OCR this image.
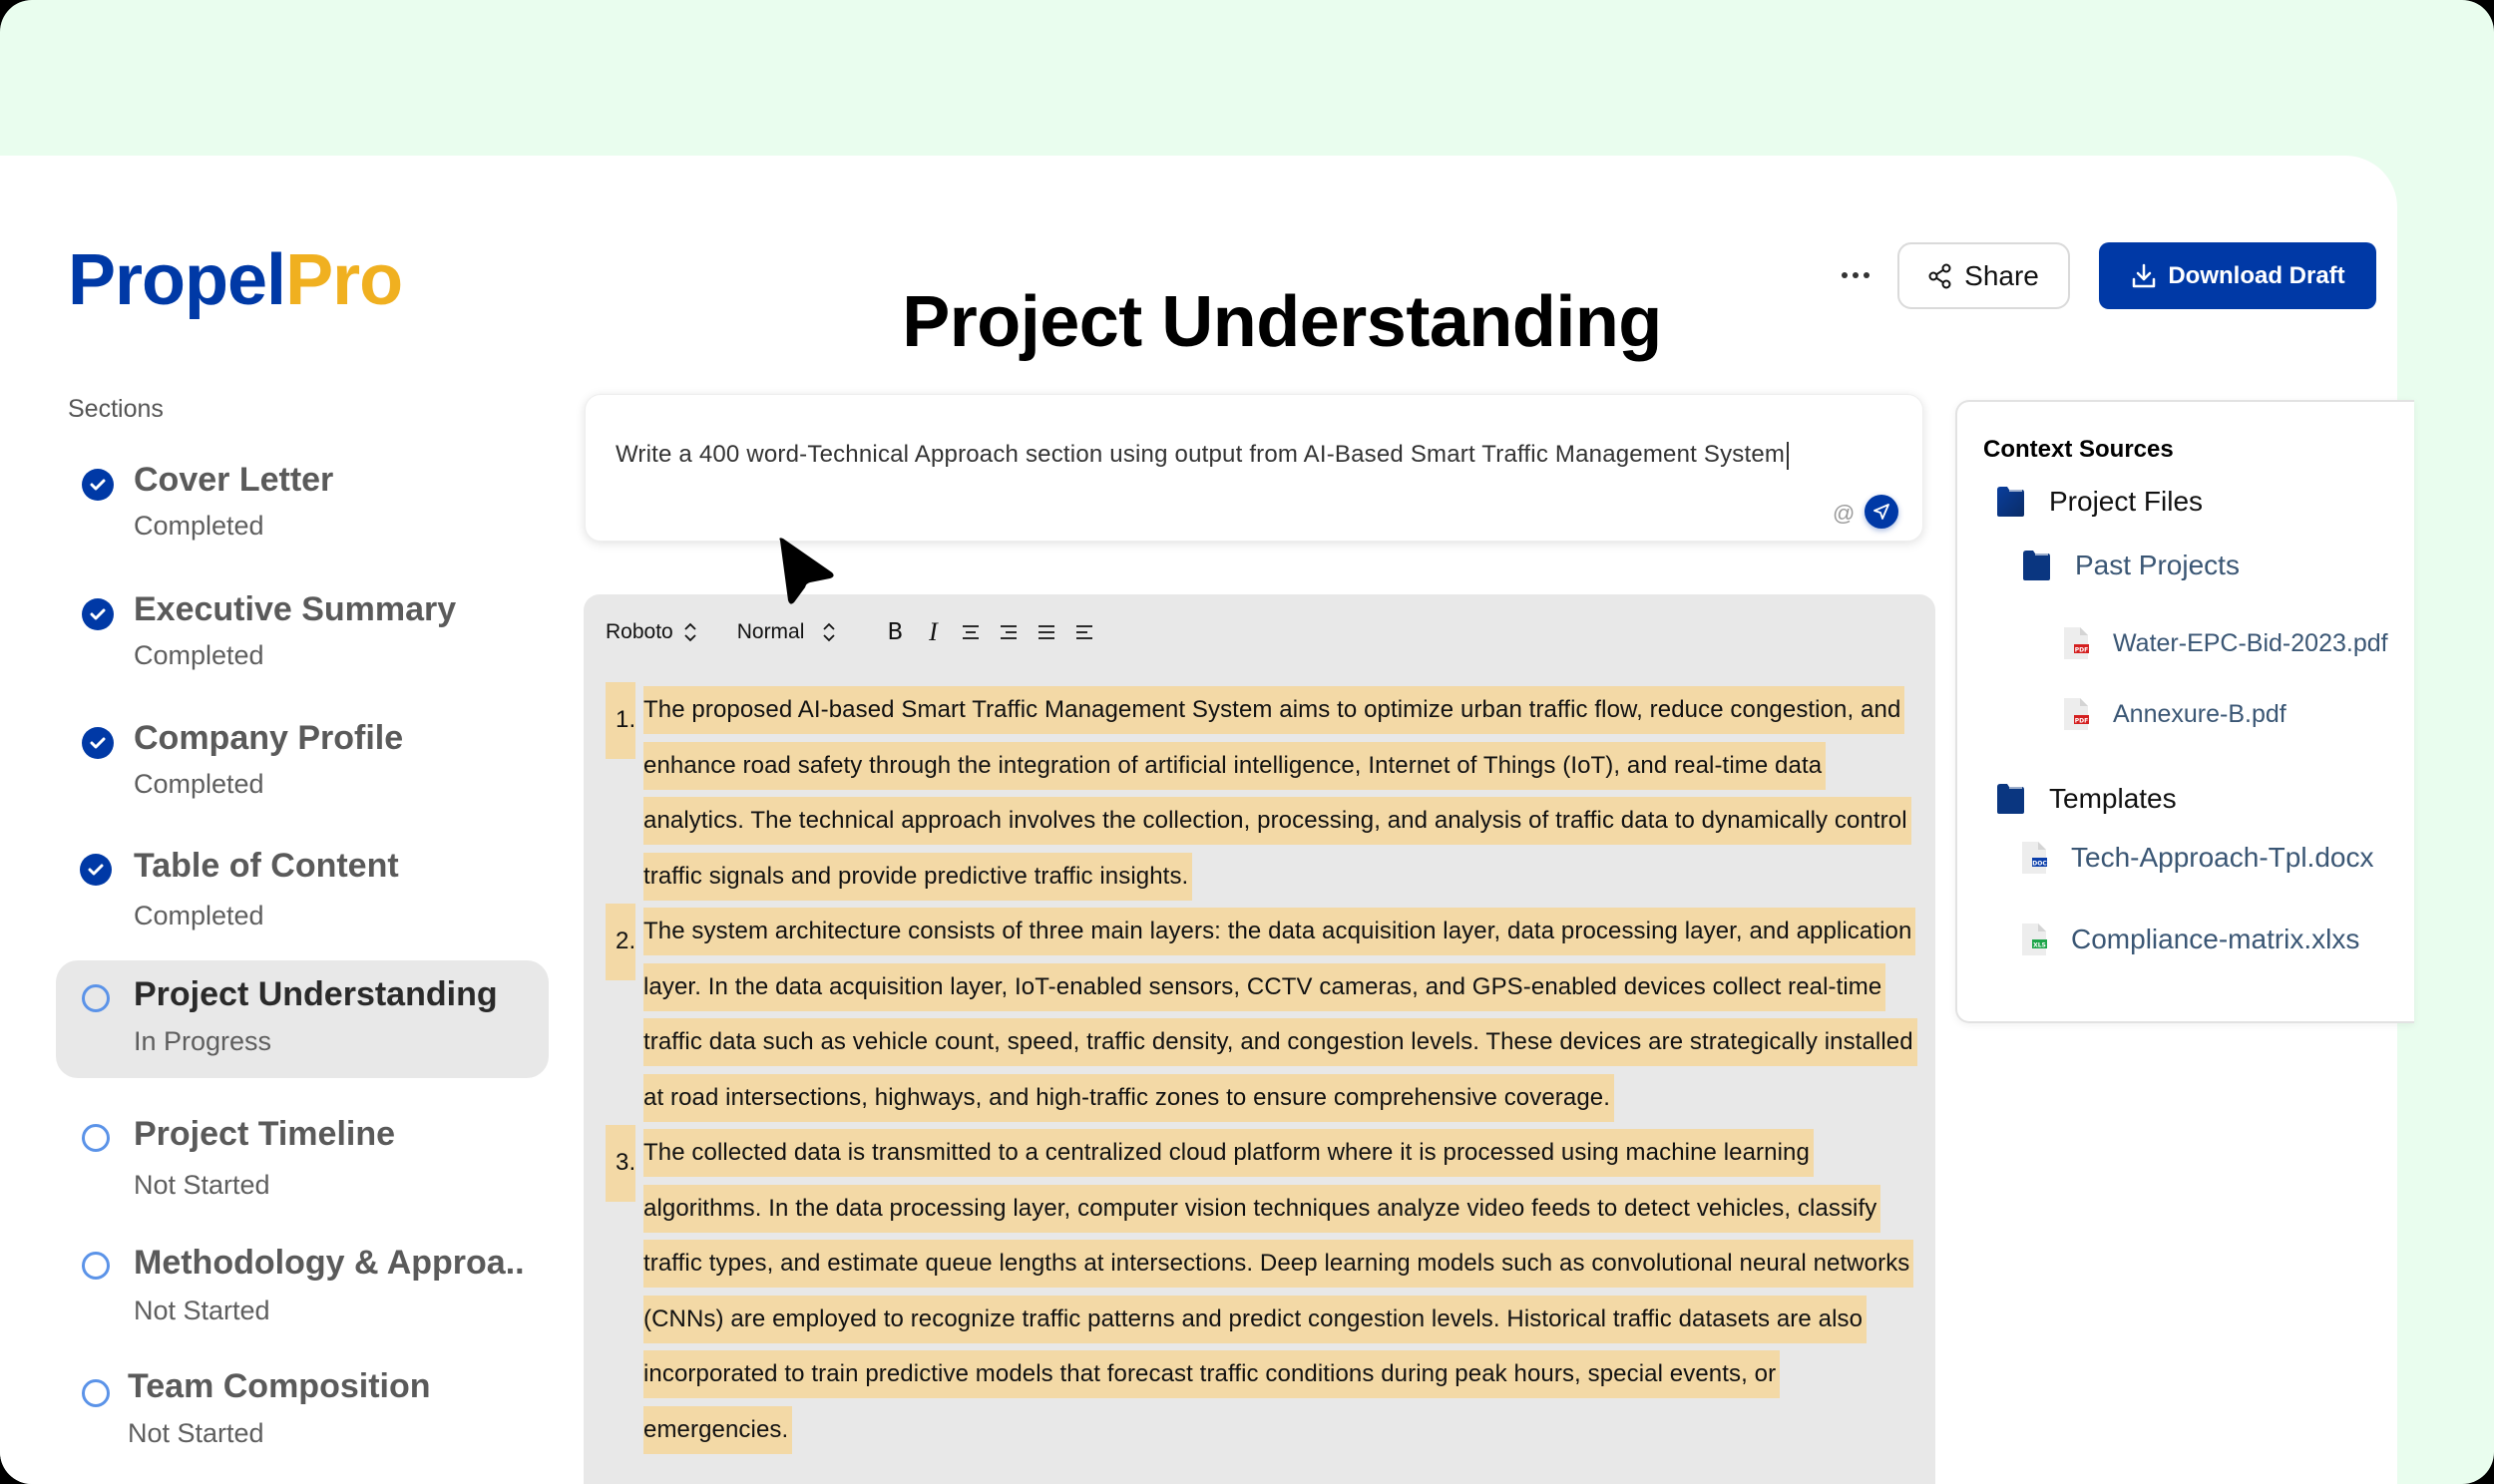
PropelPro
Sections
Cover Letter
Completed
Executive Summary
Completed
Company Profile
Completed
Table of Content
Completed
Project Understanding
In Progress
Project Timeline
Not Started
Methodology & Approa..
Not Started
Team Composition
Not Started
Project Understanding
Share	Download Draft
Write a 400 word-Technical Approach section using output from AI-Based Smart Traffic Management System
@
Roboto	Normal	B I
1. The proposed AI-based Smart Traffic Management System aims to optimize urban traffic flow, reduce congestion, and enhance road safety through the integration of artificial intelligence, Internet of Things (IoT), and real-time data analytics. The technical approach involves the collection, processing, and analysis of traffic data to dynamically control traffic signals and provide predictive traffic insights.
2. The system architecture consists of three main layers: the data acquisition layer, data processing layer, and application layer. In the data acquisition layer, IoT-enabled sensors, CCTV cameras, and GPS-enabled devices collect real-time traffic data such as vehicle count, speed, traffic density, and congestion levels. These devices are strategically installed at road intersections, highways, and high-traffic zones to ensure comprehensive coverage.
3. The collected data is transmitted to a centralized cloud platform where it is processed using machine learning algorithms. In the data processing layer, computer vision techniques analyze video feeds to detect vehicles, classify traffic types, and estimate queue lengths at intersections. Deep learning models such as convolutional neural networks (CNNs) are employed to recognize traffic patterns and predict congestion levels. Historical traffic datasets are also incorporated to train predictive models that forecast traffic conditions during peak hours, special events, or emergencies.
Context Sources
Project Files
Past Projects
PDF Water-EPC-Bid-2023.pdf
PDF Annexure-B.pdf
Templates
DOC Tech-Approach-Tpl.docx
XLS Compliance-matrix.xlxs
